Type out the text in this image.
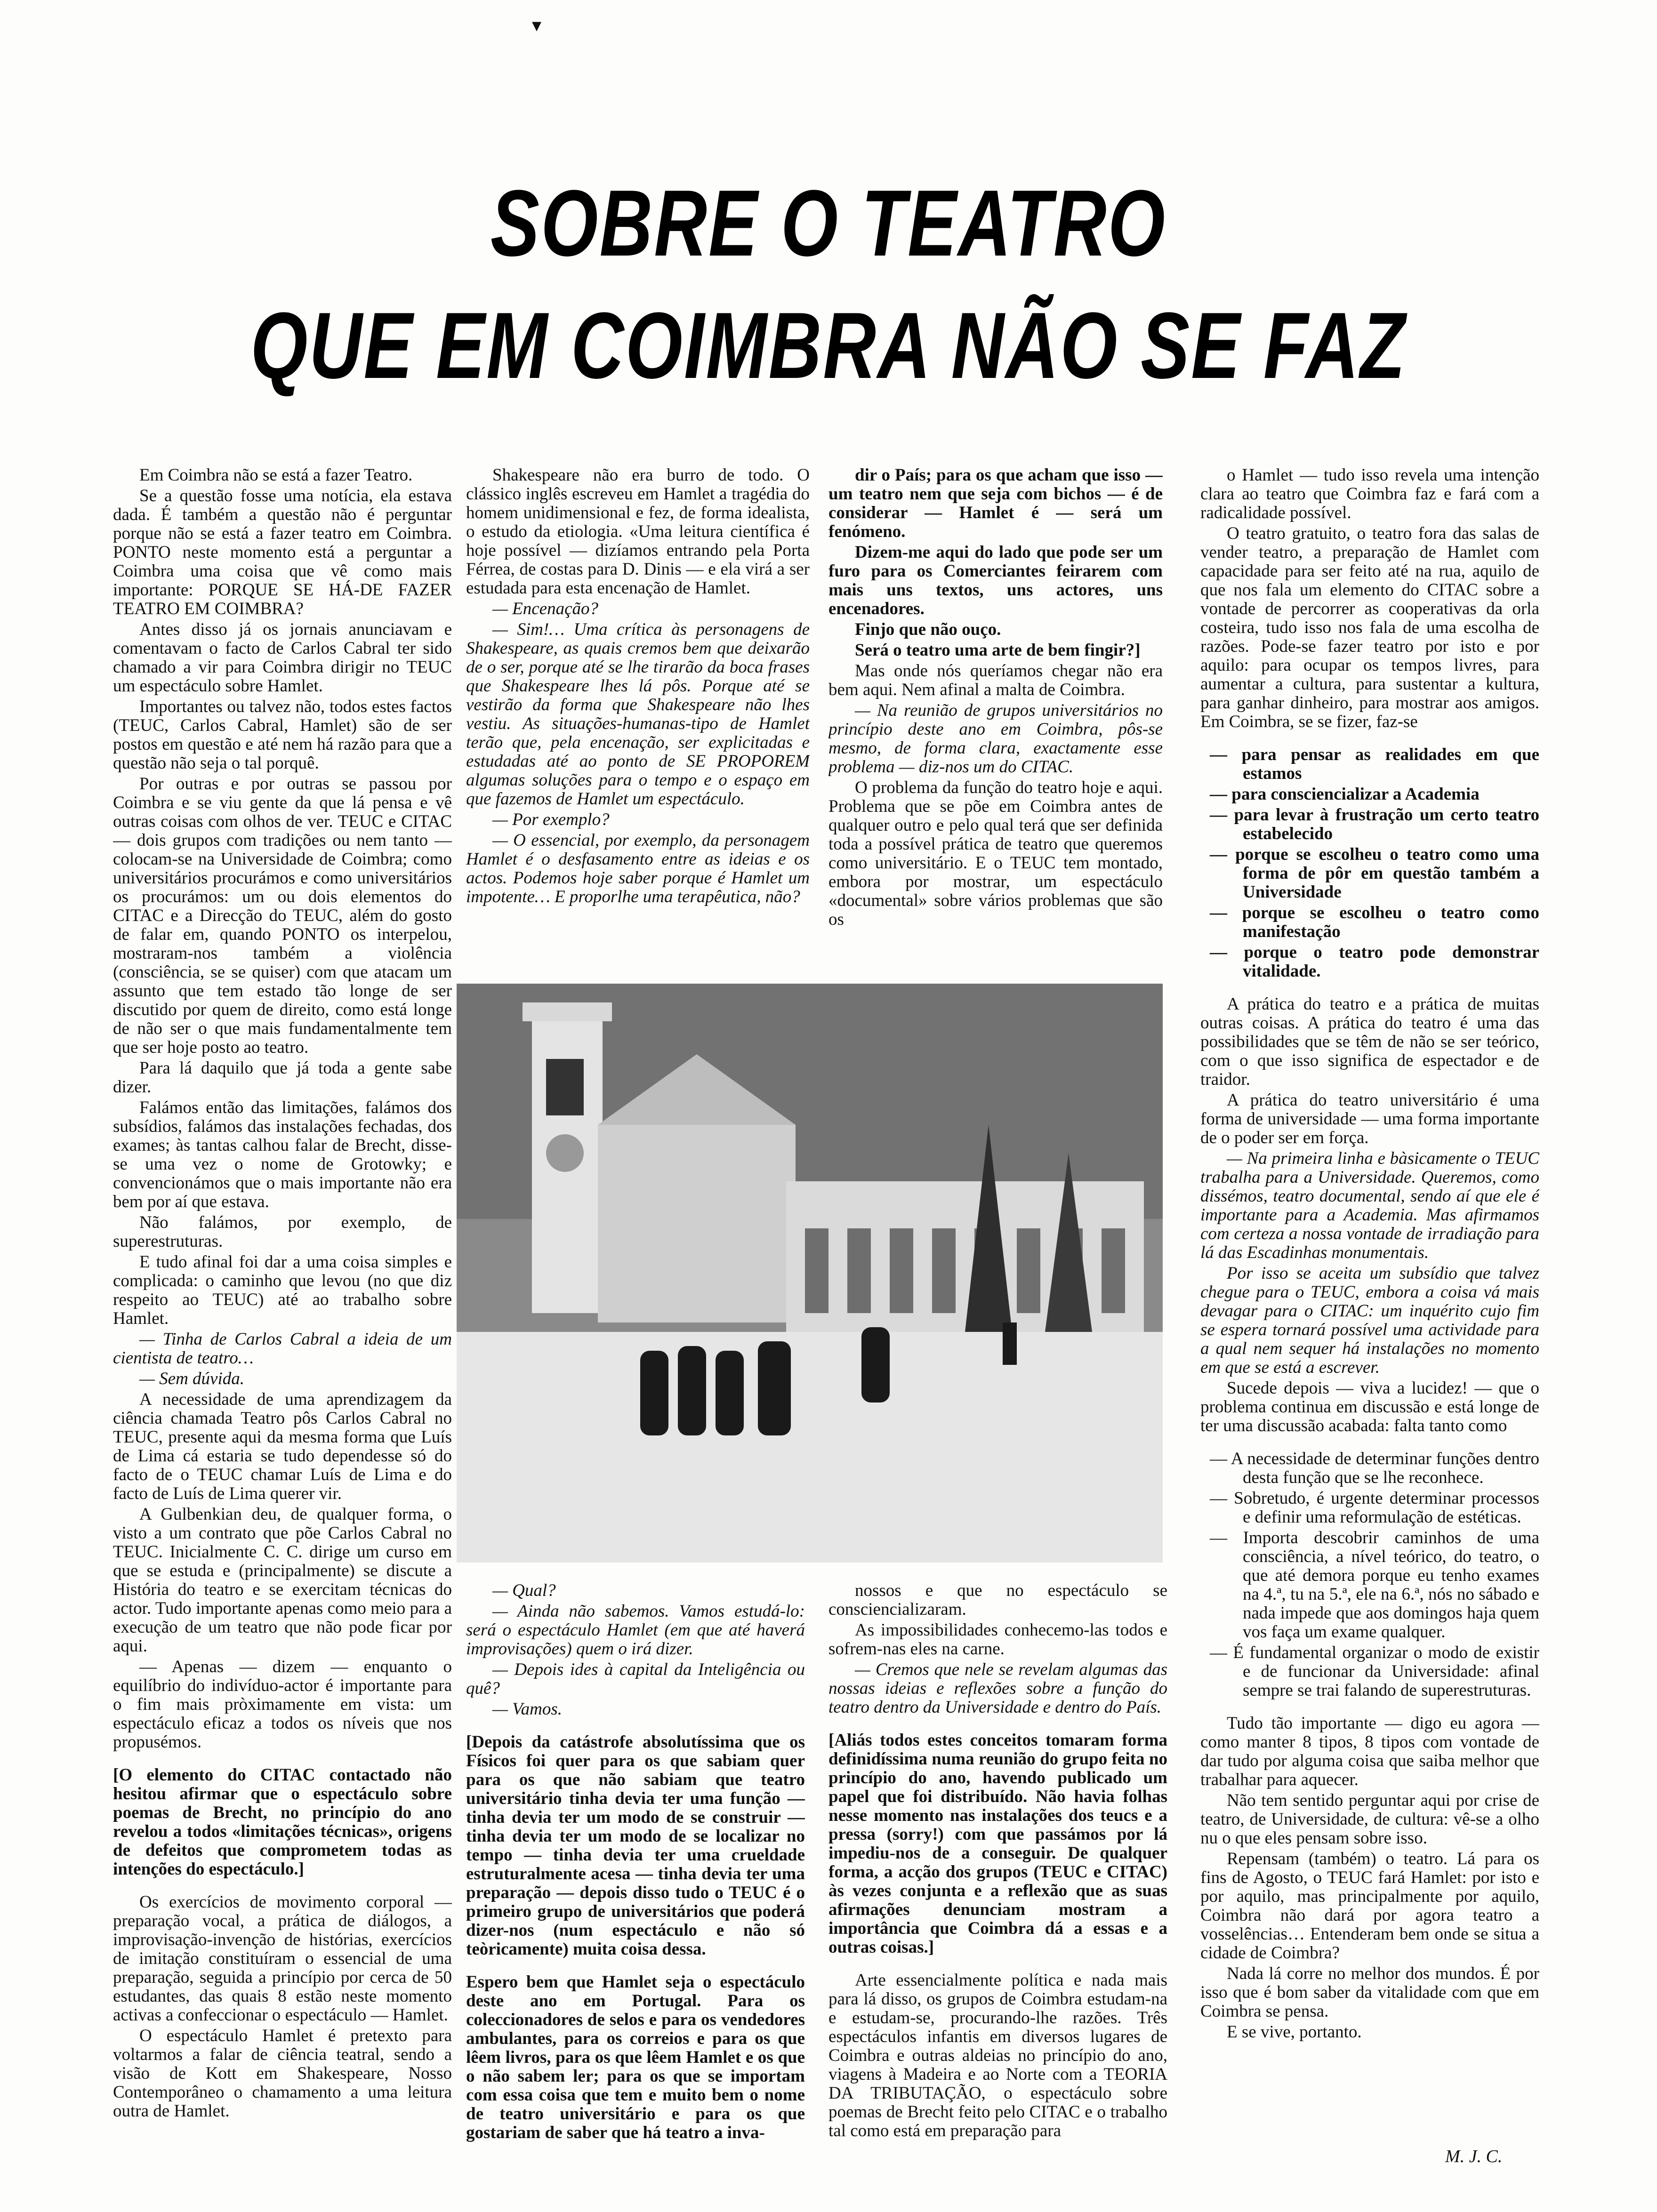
▾
SOBRE O TEATRO
QUE EM COIMBRA NÃO SE FAZ

Em Coimbra não se está a fazer Teatro.

Se a questão fosse uma notícia, ela estava dada. É também a questão não é perguntar porque não se está a fazer teatro em Coimbra. PONTO neste momento está a perguntar a Coimbra uma coisa que vê como mais importante: PORQUE SE HÁ-DE FAZER TEATRO EM COIMBRA?

Antes disso já os jornais anunciavam e comentavam o facto de Carlos Cabral ter sido chamado a vir para Coimbra dirigir no TEUC um espectáculo sobre Hamlet.

Importantes ou talvez não, todos estes factos (TEUC, Carlos Cabral, Hamlet) são de ser postos em questão e até nem há razão para que a questão não seja o tal porquê.

Por outras e por outras se passou por Coimbra e se viu gente da que lá pensa e vê outras coisas com olhos de ver. TEUC e CITAC — dois grupos com tradições ou nem tanto — colocam-se na Universidade de Coimbra; como universitários procurámos e como universitários os procurámos: um ou dois elementos do CITAC e a Direcção do TEUC, além do gosto de falar em, quando PONTO os interpelou, mostraram-nos também a violência (consciência, se se quiser) com que atacam um assunto que tem estado tão longe de ser discutido por quem de direito, como está longe de não ser o que mais fundamentalmente tem que ser hoje posto ao teatro.

Para lá daquilo que já toda a gente sabe dizer.

Falámos então das limitações, falámos dos subsídios, falámos das instalações fechadas, dos exames; às tantas calhou falar de Brecht, disse-se uma vez o nome de Grotowky; e convencionámos que o mais importante não era bem por aí que estava.

Não falámos, por exemplo, de superestruturas.

E tudo afinal foi dar a uma coisa simples e complicada: o caminho que levou (no que diz respeito ao TEUC) até ao trabalho sobre Hamlet.

— Tinha de Carlos Cabral a ideia de um cientista de teatro…

— Sem dúvida.

A necessidade de uma aprendizagem da ciência chamada Teatro pôs Carlos Cabral no TEUC, presente aqui da mesma forma que Luís de Lima cá estaria se tudo dependesse só do facto de o TEUC chamar Luís de Lima e do facto de Luís de Lima querer vir.

A Gulbenkian deu, de qualquer forma, o visto a um contrato que põe Carlos Cabral no TEUC. Inicialmente C. C. dirige um curso em que se estuda e (principalmente) se discute a História do teatro e se exercitam técnicas do actor. Tudo importante apenas como meio para a execução de um teatro que não pode ficar por aqui.

— Apenas — dizem — enquanto o equilíbrio do indivíduo-actor é importante para o fim mais pròximamente em vista: um espectáculo eficaz a todos os níveis que nos propusémos.

[O elemento do CITAC contactado não hesitou afirmar que o espectáculo sobre poemas de Brecht, no princípio do ano revelou a todos «limitações técnicas», origens de defeitos que comprometem todas as intenções do espectáculo.]

Os exercícios de movimento corporal — preparação vocal, a prática de diálogos, a improvisação-invenção de histórias, exercícios de imitação constituíram o essencial de uma preparação, seguida a princípio por cerca de 50 estudantes, das quais 8 estão neste momento activas a confeccionar o espectáculo — Hamlet.

O espectáculo Hamlet é pretexto para voltarmos a falar de ciência teatral, sendo a visão de Kott em Shakespeare, Nosso Contemporâneo o chamamento a uma leitura outra de Hamlet.

Shakespeare não era burro de todo. O clássico inglês escreveu em Hamlet a tragédia do homem unidimensional e fez, de forma idealista, o estudo da etiologia. «Uma leitura científica é hoje possível — dizíamos entrando pela Porta Férrea, de costas para D. Dinis — e ela virá a ser estudada para esta encenação de Hamlet.

— Encenação?

— Sim!… Uma crítica às personagens de Shakespeare, as quais cremos bem que deixarão de o ser, porque até se lhe tirarão da boca frases que Shakespeare lhes lá pôs. Porque até se vestirão da forma que Shakespeare não lhes vestiu. As situações-humanas-tipo de Hamlet terão que, pela encenação, ser explicitadas e estudadas até ao ponto de SE PROPOREM algumas soluções para o tempo e o espaço em que fazemos de Hamlet um espectáculo.

— Por exemplo?

— O essencial, por exemplo, da personagem Hamlet é o desfasamento entre as ideias e os actos. Podemos hoje saber porque é Hamlet um impotente… E proporlhe uma terapêutica, não?

dir o País; para os que acham que isso — um teatro nem que seja com bichos — é de considerar — Hamlet é — será um fenómeno.

Dizem-me aqui do lado que pode ser um furo para os Comerciantes feirarem com mais uns textos, uns actores, uns encenadores.

Finjo que não ouço.

Será o teatro uma arte de bem fingir?]

Mas onde nós queríamos chegar não era bem aqui. Nem afinal a malta de Coimbra.

— Na reunião de grupos universitários no princípio deste ano em Coimbra, pôs-se mesmo, de forma clara, exactamente esse problema — diz-nos um do CITAC.

O problema da função do teatro hoje e aqui. Problema que se põe em Coimbra antes de qualquer outro e pelo qual terá que ser definida toda a possível prática de teatro que queremos como universitário. E o TEUC tem montado, embora por mostrar, um espectáculo «documental» sobre vários problemas que são os

o Hamlet — tudo isso revela uma intenção clara ao teatro que Coimbra faz e fará com a radicalidade possível.

O teatro gratuito, o teatro fora das salas de vender teatro, a preparação de Hamlet com capacidade para ser feito até na rua, aquilo de que nos fala um elemento do CITAC sobre a vontade de percorrer as cooperativas da orla costeira, tudo isso nos fala de uma escolha de razões. Pode-se fazer teatro por isto e por aquilo: para ocupar os tempos livres, para aumentar a cultura, para sustentar a kultura, para ganhar dinheiro, para mostrar aos amigos. Em Coimbra, se se fizer, faz-se

— para pensar as realidades em que estamos
— para consciencializar a Academia
— para levar à frustração um certo teatro estabelecido
— porque se escolheu o teatro como uma forma de pôr em questão também a Universidade
— porque se escolheu o teatro como manifestação
— porque o teatro pode demonstrar vitalidade.

A prática do teatro e a prática de muitas outras coisas. A prática do teatro é uma das possibilidades que se têm de não se ser teórico, com o que isso significa de espectador e de traidor.

A prática do teatro universitário é uma forma de universidade — uma forma importante de o poder ser em força.

— Na primeira linha e bàsicamente o TEUC trabalha para a Universidade. Queremos, como dissémos, teatro documental, sendo aí que ele é importante para a Academia. Mas afirmamos com certeza a nossa vontade de irradiação para lá das Escadinhas monumentais.

Por isso se aceita um subsídio que talvez chegue para o TEUC, embora a coisa vá mais devagar para o CITAC: um inquérito cujo fim se espera tornará possível uma actividade para a qual nem sequer há instalações no momento em que se está a escrever.

Sucede depois — viva a lucidez! — que o problema continua em discussão e está longe de ter uma discussão acabada: falta tanto como

— A necessidade de determinar funções dentro desta função que se lhe reconhece.
— Sobretudo, é urgente determinar processos e definir uma reformulação de estéticas.
— Importa descobrir caminhos de uma consciência, a nível teórico, do teatro, o que até demora porque eu tenho exames na 4.ª, tu na 5.ª, ele na 6.ª, nós no sábado e nada impede que aos domingos haja quem vos faça um exame qualquer.
— É fundamental organizar o modo de existir e de funcionar da Universidade: afinal sempre se trai falando de superestruturas.

Tudo tão importante — digo eu agora — como manter 8 tipos, 8 tipos com vontade de dar tudo por alguma coisa que saiba melhor que trabalhar para aquecer.

Não tem sentido perguntar aqui por crise de teatro, de Universidade, de cultura: vê-se a olho nu o que eles pensam sobre isso.

Repensam (também) o teatro. Lá para os fins de Agosto, o TEUC fará Hamlet: por isto e por aquilo, mas principalmente por aquilo, Coimbra não dará por agora teatro a vosselências… Entenderam bem onde se situa a cidade de Coimbra?

Nada lá corre no melhor dos mundos. É por isso que é bom saber da vitalidade com que em Coimbra se pensa.

E se vive, portanto.

— Qual?

— Ainda não sabemos. Vamos estudá-lo: será o espectáculo Hamlet (em que até haverá improvisações) quem o irá dizer.

— Depois ides à capital da Inteligência ou quê?

— Vamos.

[Depois da catástrofe absolutíssima que os Físicos foi quer para os que sabiam quer para os que não sabiam que teatro universitário tinha devia ter uma função — tinha devia ter um modo de se construir — tinha devia ter um modo de se localizar no tempo — tinha devia ter uma crueldade estruturalmente acesa — tinha devia ter uma preparação — depois disso tudo o TEUC é o primeiro grupo de universitários que poderá dizer-nos (num espectáculo e não só teòricamente) muita coisa dessa.

Espero bem que Hamlet seja o espectáculo deste ano em Portugal. Para os coleccionadores de selos e para os vendedores ambulantes, para os correios e para os que lêem livros, para os que lêem Hamlet e os que o não sabem ler; para os que se importam com essa coisa que tem e muito bem o nome de teatro universitário e para os que gostariam de saber que há teatro a inva-

nossos e que no espectáculo se consciencializaram.

As impossibilidades conhecemo-las todos e sofrem-nas eles na carne.

— Cremos que nele se revelam algumas das nossas ideias e reflexões sobre a função do teatro dentro da Universidade e dentro do País.

[Aliás todos estes conceitos tomaram forma definidíssima numa reunião do grupo feita no princípio do ano, havendo publicado um papel que foi distribuído. Não havia folhas nesse momento nas instalações dos teucs e a pressa (sorry!) com que passámos por lá impediu-nos de a conseguir. De qualquer forma, a acção dos grupos (TEUC e CITAC) às vezes conjunta e a reflexão que as suas afirmações denunciam mostram a importância que Coimbra dá a essas e a outras coisas.]

Arte essencialmente política e nada mais para lá disso, os grupos de Coimbra estudam-na e estudam-se, procurando-lhe razões. Três espectáculos infantis em diversos lugares de Coimbra e outras aldeias no princípio do ano, viagens à Madeira e ao Norte com a TEORIA DA TRIBUTAÇÃO, o espectáculo sobre poemas de Brecht feito pelo CITAC e o trabalho tal como está em preparação para

M. J. C.
